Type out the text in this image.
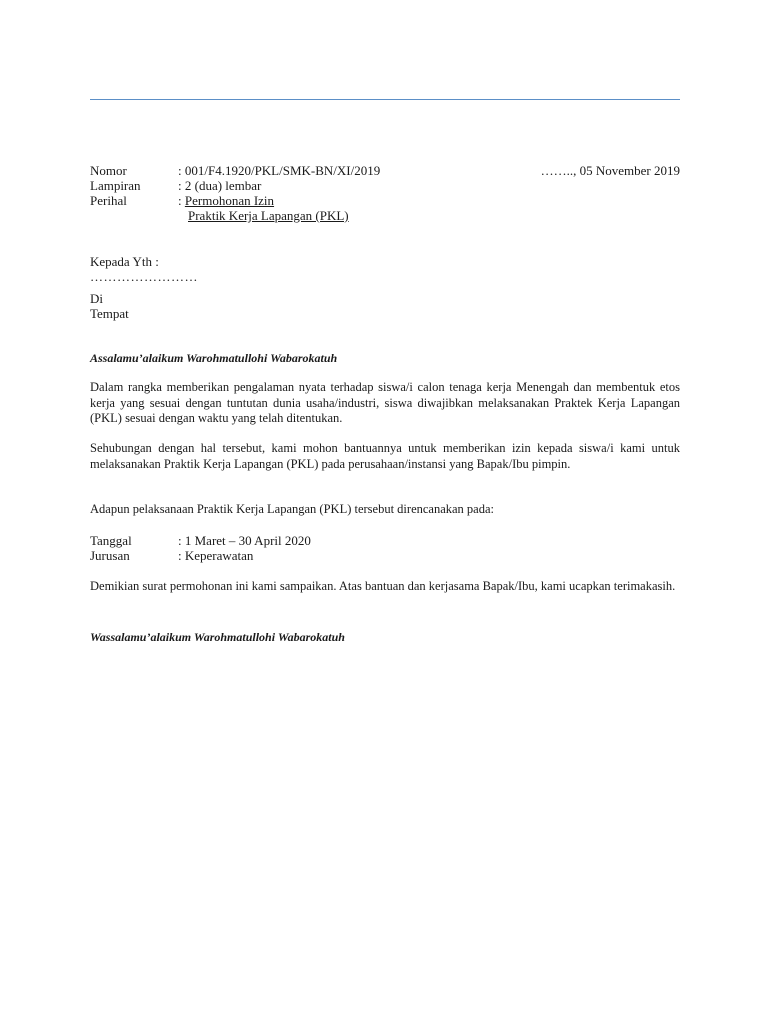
Nomor	: 001/F4.1920/PKL/SMK-BN/XI/2019	…….., 05 November 2019
Lampiran	: 2 (dua) lembar
Perihal	: Permohonan Izin
Praktik Kerja Lapangan (PKL)
Kepada Yth :
……………………
Di
Tempat
Assalamu’alaikum Warohmatullohi Wabarokatuh
Dalam rangka memberikan pengalaman nyata terhadap siswa/i calon tenaga kerja Menengah dan membentuk etos kerja yang sesuai dengan tuntutan dunia usaha/industri, siswa diwajibkan melaksanakan Praktek Kerja Lapangan (PKL) sesuai dengan waktu yang telah ditentukan.
Sehubungan dengan hal tersebut, kami mohon bantuannya untuk memberikan izin kepada siswa/i kami untuk melaksanakan Praktik Kerja Lapangan (PKL) pada perusahaan/instansi yang Bapak/Ibu pimpin.
Adapun pelaksanaan Praktik Kerja Lapangan (PKL) tersebut direncanakan pada:
Tanggal	: 1 Maret – 30 April 2020
Jurusan	: Keperawatan
Demikian surat permohonan ini kami sampaikan. Atas bantuan dan kerjasama Bapak/Ibu, kami ucapkan terimakasih.
Wassalamu’alaikum Warohmatullohi Wabarokatuh
